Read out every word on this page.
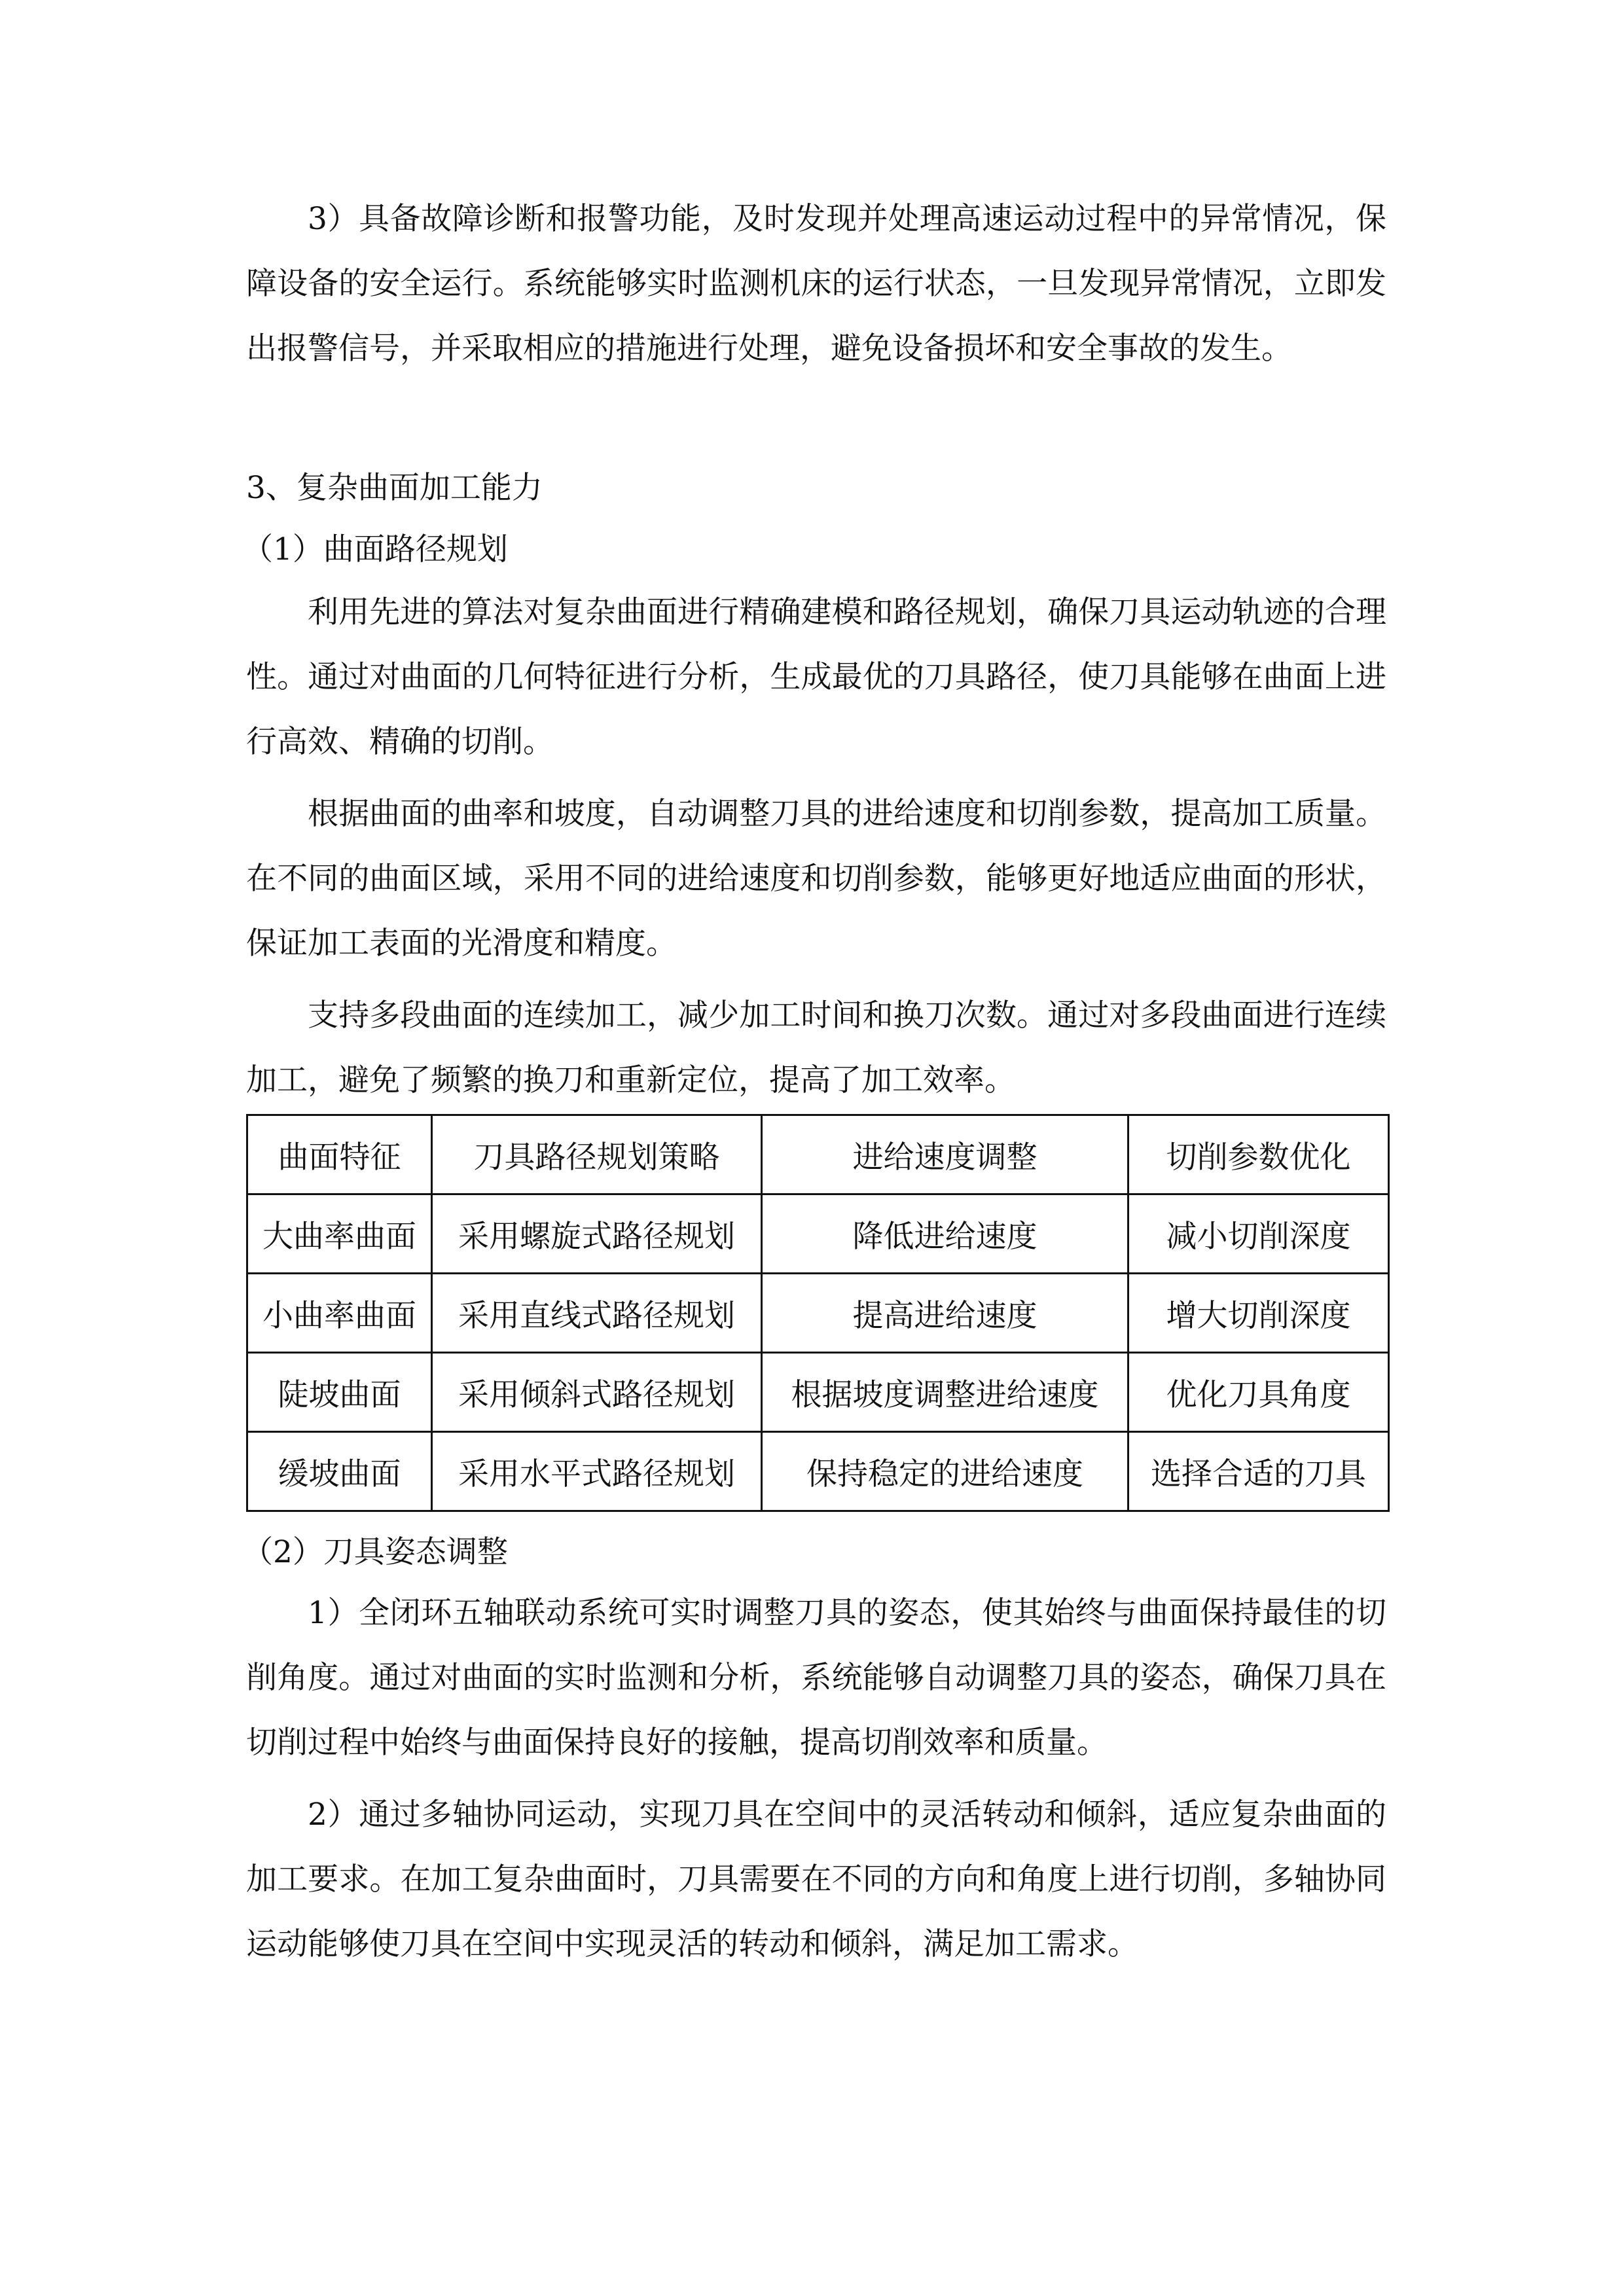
3）具备故障诊断和报警功能，及时发现并处理高速运动过程中的异常情况，保障设备的安全运行。系统能够实时监测机床的运行状态，一旦发现异常情况，立即发出报警信号，并采取相应的措施进行处理，避免设备损坏和安全事故的发生。

3、复杂曲面加工能力

（1）曲面路径规划

利用先进的算法对复杂曲面进行精确建模和路径规划，确保刀具运动轨迹的合理性。通过对曲面的几何特征进行分析，生成最优的刀具路径，使刀具能够在曲面上进行高效、精确的切削。

根据曲面的曲率和坡度，自动调整刀具的进给速度和切削参数，提高加工质量。在不同的曲面区域，采用不同的进给速度和切削参数，能够更好地适应曲面的形状，保证加工表面的光滑度和精度。

支持多段曲面的连续加工，减少加工时间和换刀次数。通过对多段曲面进行连续加工，避免了频繁的换刀和重新定位，提高了加工效率。

曲面特征	刀具路径规划策略	进给速度调整	切削参数优化
大曲率曲面	采用螺旋式路径规划	降低进给速度	减小切削深度
小曲率曲面	采用直线式路径规划	提高进给速度	增大切削深度
陡坡曲面	采用倾斜式路径规划	根据坡度调整进给速度	优化刀具角度
缓坡曲面	采用水平式路径规划	保持稳定的进给速度	选择合适的刀具

（2）刀具姿态调整

1）全闭环五轴联动系统可实时调整刀具的姿态，使其始终与曲面保持最佳的切削角度。通过对曲面的实时监测和分析，系统能够自动调整刀具的姿态，确保刀具在切削过程中始终与曲面保持良好的接触，提高切削效率和质量。

2）通过多轴协同运动，实现刀具在空间中的灵活转动和倾斜，适应复杂曲面的加工要求。在加工复杂曲面时，刀具需要在不同的方向和角度上进行切削，多轴协同运动能够使刀具在空间中实现灵活的转动和倾斜，满足加工需求。
